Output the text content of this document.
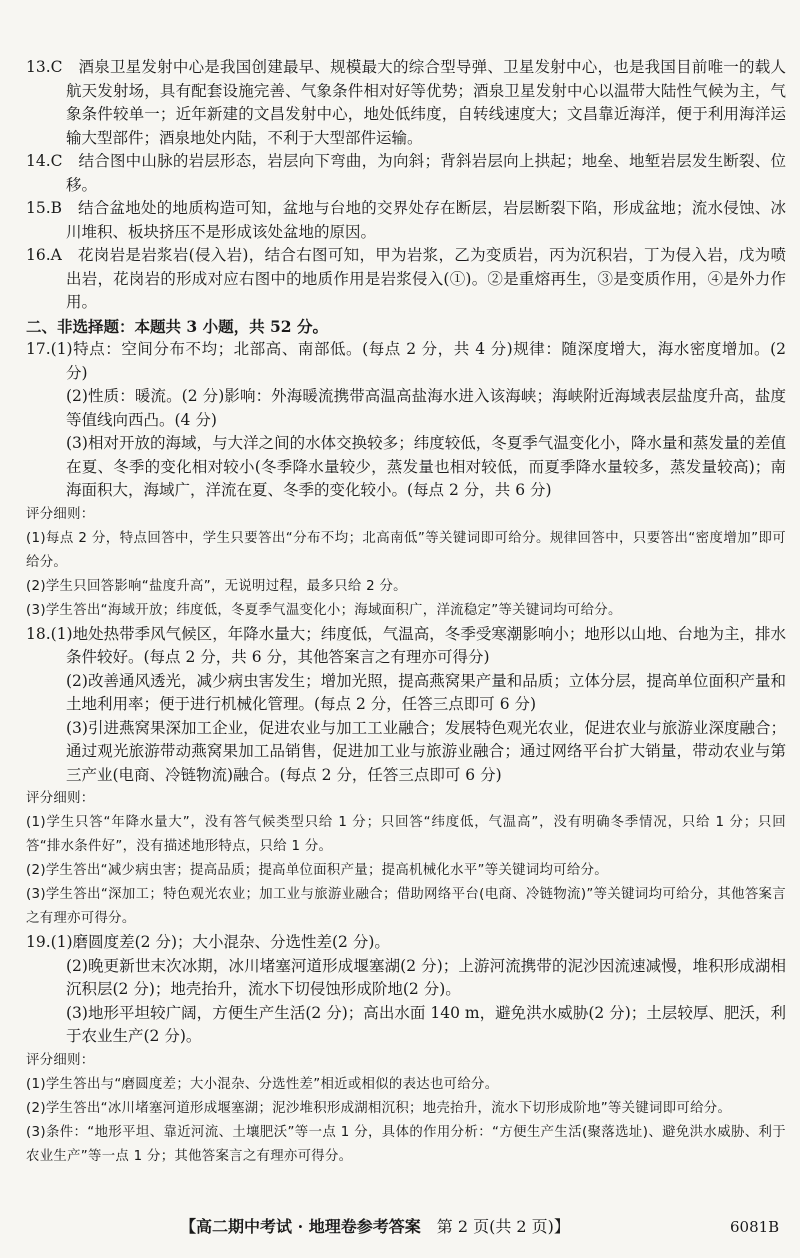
13.C　 酒泉卫星发射中心是我国创建最早、规模最大的综合型导弹、卫星发射中心，也是我国目前唯一的载人航天发射场，具有配套设施完善、气象条件相对好等优势；酒泉卫星发射中心以温带大陆性气候为主，气象条件较单一；近年新建的文昌发射中心，地处低纬度，自转线速度大；文昌靠近海洋，便于利用海洋运输大型部件；酒泉地处内陆，不利于大型部件运输。

14.C　 结合图中山脉的岩层形态，岩层向下弯曲，为向斜；背斜岩层向上拱起；地垒、地堑岩层发生断裂、位移。

15.B　 结合盆地处的地质构造可知，盆地与台地的交界处存在断层，岩层断裂下陷，形成盆地；流水侵蚀、冰川堆积、板块挤压不是形成该处盆地的原因。

16.A　 花岗岩是岩浆岩(侵入岩)，结合右图可知，甲为岩浆，乙为变质岩，丙为沉积岩，丁为侵入岩，戊为喷出岩，花岗岩的形成对应右图中的地质作用是岩浆侵入(①)。②是重熔再生，③是变质作用，④是外力作用。

二、非选择题：本题共 3 小题，共 52 分。

17.(1)特点：空间分布不均；北部高、南部低。(每点 2 分，共 4 分)规律：随深度增大，海水密度增加。(2 分)

(2)性质：暖流。(2 分)影响：外海暖流携带高温高盐海水进入该海峡；海峡附近海域表层盐度升高，盐度等值线向西凸。(4 分)

(3)相对开放的海域，与大洋之间的水体交换较多；纬度较低，冬夏季气温变化小，降水量和蒸发量的差值在夏、冬季的变化相对较小(冬季降水量较少，蒸发量也相对较低，而夏季降水量较多，蒸发量较高)；南海面积大，海域广，洋流在夏、冬季的变化较小。(每点 2 分，共 6 分)

评分细则：

(1)每点 2 分，特点回答中，学生只要答出“分布不均；北高南低”等关键词即可给分。规律回答中，只要答出“密度增加”即可给分。

(2)学生只回答影响“盐度升高”，无说明过程，最多只给 2 分。

(3)学生答出“海域开放；纬度低，冬夏季气温变化小；海域面积广，洋流稳定”等关键词均可给分。

18.(1)地处热带季风气候区，年降水量大；纬度低，气温高，冬季受寒潮影响小；地形以山地、台地为主，排水条件较好。(每点 2 分，共 6 分，其他答案言之有理亦可得分)

(2)改善通风透光，减少病虫害发生；增加光照，提高燕窝果产量和品质；立体分层，提高单位面积产量和土地利用率；便于进行机械化管理。(每点 2 分，任答三点即可 6 分)

(3)引进燕窝果深加工企业，促进农业与加工工业融合；发展特色观光农业，促进农业与旅游业深度融合；通过观光旅游带动燕窝果加工品销售，促进加工业与旅游业融合；通过网络平台扩大销量，带动农业与第三产业(电商、冷链物流)融合。(每点 2 分，任答三点即可 6 分)

评分细则：

(1)学生只答“年降水量大”，没有答气候类型只给 1 分；只回答“纬度低，气温高”，没有明确冬季情况，只给 1 分；只回答“排水条件好”，没有描述地形特点，只给 1 分。

(2)学生答出“减少病虫害；提高品质；提高单位面积产量；提高机械化水平”等关键词均可给分。

(3)学生答出“深加工；特色观光农业；加工业与旅游业融合；借助网络平台(电商、冷链物流)”等关键词均可给分，其他答案言之有理亦可得分。

19.(1)磨圆度差(2 分)；大小混杂、分选性差(2 分)。

(2)晚更新世末次冰期，冰川堵塞河道形成堰塞湖(2 分)；上游河流携带的泥沙因流速减慢，堆积形成湖相沉积层(2 分)；地壳抬升，流水下切侵蚀形成阶地(2 分)。

(3)地形平坦较广阔，方便生产生活(2 分)；高出水面 140 m，避免洪水威胁(2 分)；土层较厚、肥沃，利于农业生产(2 分)。

评分细则：

(1)学生答出与“磨圆度差；大小混杂、分选性差”相近或相似的表达也可给分。

(2)学生答出“冰川堵塞河道形成堰塞湖；泥沙堆积形成湖相沉积；地壳抬升，流水下切形成阶地”等关键词即可给分。

(3)条件：“地形平坦、靠近河流、土壤肥沃”等一点 1 分，具体的作用分析：“方便生产生活(聚落选址)、避免洪水威胁、利于农业生产”等一点 1 分；其他答案言之有理亦可得分。

【高二期中考试 · 地理卷参考答案　 第 2 页(共 2 页)】	6081B
